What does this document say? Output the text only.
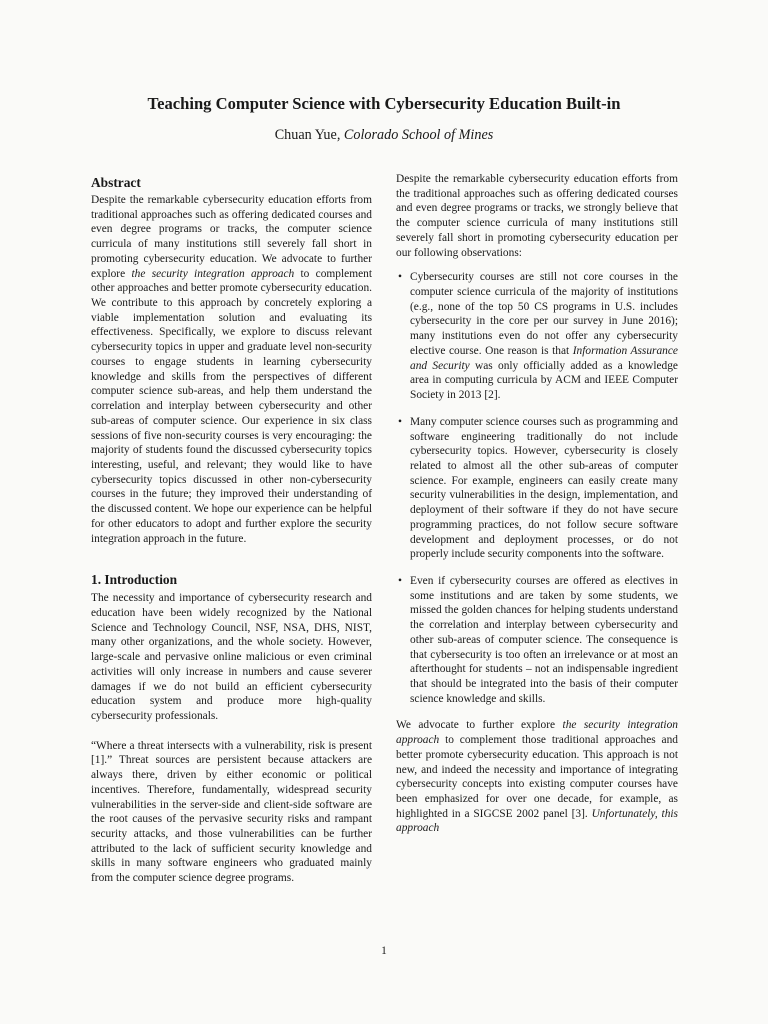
Teaching Computer Science with Cybersecurity Education Built-in
Chuan Yue, Colorado School of Mines
Abstract

Despite the remarkable cybersecurity education efforts from traditional approaches such as offering dedicated courses and even degree programs or tracks, the computer science curricula of many institutions still severely fall short in promoting cybersecurity education. We advocate to further explore the security integration approach to complement other approaches and better promote cybersecurity education. We contribute to this approach by concretely exploring a viable implementation solution and evaluating its effectiveness. Specifically, we explore to discuss relevant cybersecurity topics in upper and graduate level non-security courses to engage students in learning cybersecurity knowledge and skills from the perspectives of different computer science sub-areas, and help them understand the correlation and interplay between cybersecurity and other sub-areas of computer science. Our experience in six class sessions of five non-security courses is very encouraging: the majority of students found the discussed cybersecurity topics interesting, useful, and relevant; they would like to have cybersecurity topics discussed in other non-cybersecurity courses in the future; they improved their understanding of the discussed content. We hope our experience can be helpful for other educators to adopt and further explore the security integration approach in the future.

1. Introduction

The necessity and importance of cybersecurity research and education have been widely recognized by the National Science and Technology Council, NSF, NSA, DHS, NIST, many other organizations, and the whole society. However, large-scale and pervasive online malicious or even criminal activities will only increase in numbers and cause severer damages if we do not build an efficient cybersecurity education system and produce more high-quality cybersecurity professionals.

“Where a threat intersects with a vulnerability, risk is present [1].” Threat sources are persistent because attackers are always there, driven by either economic or political incentives. Therefore, fundamentally, widespread security vulnerabilities in the server-side and client-side software are the root causes of the pervasive security risks and rampant security attacks, and those vulnerabilities can be further attributed to the lack of sufficient security knowledge and skills in many software engineers who graduated mainly from the computer science degree programs.

Despite the remarkable cybersecurity education efforts from the traditional approaches such as offering dedicated courses and even degree programs or tracks, we strongly believe that the computer science curricula of many institutions still severely fall short in promoting cybersecurity education per our following observations:

• Cybersecurity courses are still not core courses in the computer science curricula of the majority of institutions (e.g., none of the top 50 CS programs in U.S. includes cybersecurity in the core per our survey in June 2016); many institutions even do not offer any cybersecurity elective course. One reason is that Information Assurance and Security was only officially added as a knowledge area in computing curricula by ACM and IEEE Computer Society in 2013 [2].
• Many computer science courses such as programming and software engineering traditionally do not include cybersecurity topics. However, cybersecurity is closely related to almost all the other sub-areas of computer science. For example, engineers can easily create many security vulnerabilities in the design, implementation, and deployment of their software if they do not have secure programming practices, do not follow secure software development and deployment processes, or do not properly include security components into the software.
• Even if cybersecurity courses are offered as electives in some institutions and are taken by some students, we missed the golden chances for helping students understand the correlation and interplay between cybersecurity and other sub-areas of computer science. The consequence is that cybersecurity is too often an irrelevance or at most an afterthought for students – not an indispensable ingredient that should be integrated into the basis of their computer science knowledge and skills.

We advocate to further explore the security integration approach to complement those traditional approaches and better promote cybersecurity education. This approach is not new, and indeed the necessity and importance of integrating cybersecurity concepts into existing computer courses have been emphasized for over one decade, for example, as highlighted in a SIGCSE 2002 panel [3]. Unfortunately, this approach

1
